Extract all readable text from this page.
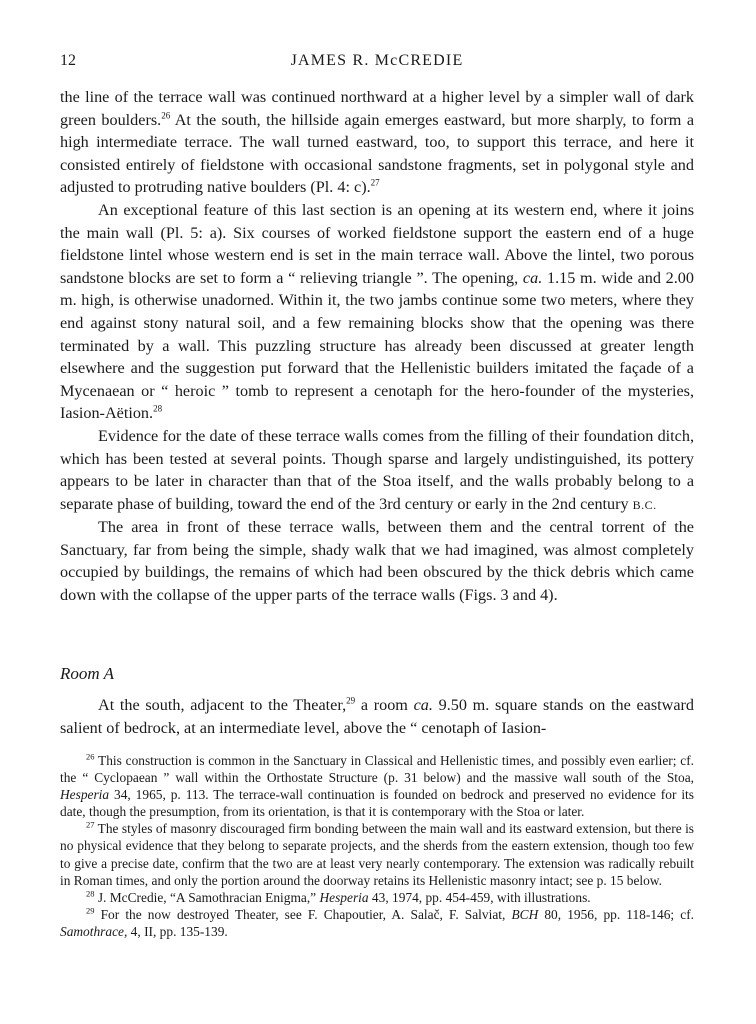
12	JAMES R. McCREDIE

the line of the terrace wall was continued northward at a higher level by a simpler wall of dark green boulders.$^{26}$ At the south, the hillside again emerges eastward, but more sharply, to form a high intermediate terrace. The wall turned eastward, too, to support this terrace, and here it consisted entirely of fieldstone with occasional sandstone fragments, set in polygonal style and adjusted to protruding native boulders (Pl. 4: c).$^{27}$

An exceptional feature of this last section is an opening at its western end, where it joins the main wall (Pl. 5: a). Six courses of worked fieldstone support the eastern end of a huge fieldstone lintel whose western end is set in the main terrace wall. Above the lintel, two porous sandstone blocks are set to form a “ relieving triangle ”. The opening, ca. 1.15 m. wide and 2.00 m. high, is otherwise unadorned. Within it, the two jambs continue some two meters, where they end against stony natural soil, and a few remaining blocks show that the opening was there terminated by a wall. This puzzling structure has already been discussed at greater length elsewhere and the suggestion put forward that the Hellenistic builders imitated the façade of a Mycenaean or “ heroic ” tomb to represent a cenotaph for the hero-founder of the mysteries, Iasion-Aëtion.$^{28}$

Evidence for the date of these terrace walls comes from the filling of their foundation ditch, which has been tested at several points. Though sparse and largely undistinguished, its pottery appears to be later in character than that of the Stoa itself, and the walls probably belong to a separate phase of building, toward the end of the 3rd century or early in the 2nd century B.C.

The area in front of these terrace walls, between them and the central torrent of the Sanctuary, far from being the simple, shady walk that we had imagined, was almost completely occupied by buildings, the remains of which had been obscured by the thick debris which came down with the collapse of the upper parts of the terrace walls (Figs. 3 and 4).

Room A

At the south, adjacent to the Theater,$^{29}$ a room ca. 9.50 m. square stands on the eastward salient of bedrock, at an intermediate level, above the “ cenotaph of Iasion-

$^{26}$ This construction is common in the Sanctuary in Classical and Hellenistic times, and possibly even earlier; cf. the “ Cyclopaean ” wall within the Orthostate Structure (p. 31 below) and the massive wall south of the Stoa, Hesperia 34, 1965, p. 113. The terrace-wall continuation is founded on bedrock and preserved no evidence for its date, though the presumption, from its orientation, is that it is contemporary with the Stoa or later.

$^{27}$ The styles of masonry discouraged firm bonding between the main wall and its eastward extension, but there is no physical evidence that they belong to separate projects, and the sherds from the eastern extension, though too few to give a precise date, confirm that the two are at least very nearly contemporary. The extension was radically rebuilt in Roman times, and only the portion around the doorway retains its Hellenistic masonry intact; see p. 15 below.

$^{28}$ J. McCredie, “A Samothracian Enigma,” Hesperia 43, 1974, pp. 454-459, with illustrations.

$^{29}$ For the now destroyed Theater, see F. Chapoutier, A. Salač, F. Salviat, BCH 80, 1956, pp. 118-146; cf. Samothrace, 4, II, pp. 135-139.
